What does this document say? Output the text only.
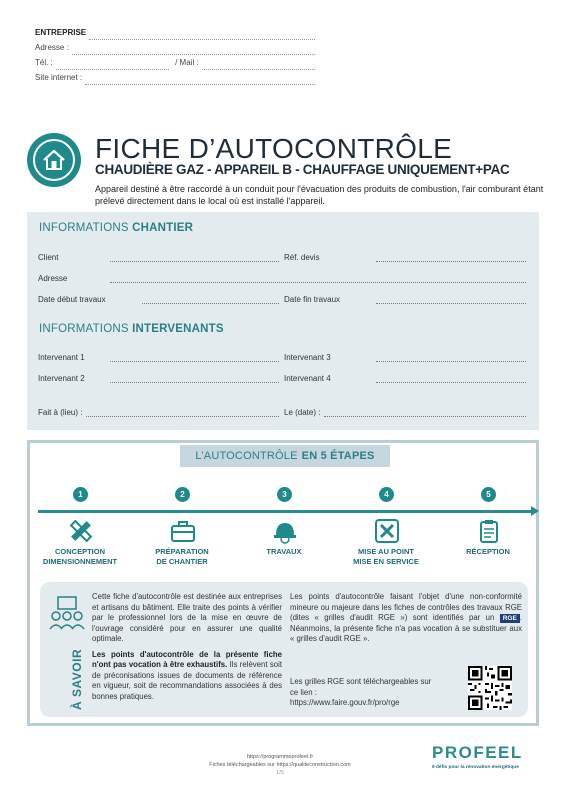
ENTREPRISE
Adresse :
Tél. :	/ Mail :
Site internet :
FICHE D’AUTOCONTRÔLE
CHAUDIÈRE GAZ - APPAREIL B - CHAUFFAGE UNIQUEMENT+PAC
Appareil destiné à être raccordé à un conduit pour l'évacuation des produits de combustion, l'air comburant étant prélevé directement dans le local où est installé l'appareil.
INFORMATIONS CHANTIER
Client	Réf. devis
Adresse
Date début travaux	Date fin travaux
INFORMATIONS INTERVENANTS
Intervenant 1	Intervenant 3
Intervenant 2	Intervenant 4
Fait à (lieu) :	Le (date) :
L’AUTOCONTRÔLE EN 5 ÉTAPES
1
CONCEPTION
DIMENSIONNEMENT
2
PRÉPARATION
DE CHANTIER
3
TRAVAUX
4
MISE AU POINT
MISE EN SERVICE
5
RÉCEPTION
À SAVOIR

Cette fiche d'autocontrôle est destinée aux entreprises et artisans du bâtiment. Elle traite des points à vérifier par le professionnel lors de la mise en œuvre de l'ouvrage considéré pour en assurer une qualité optimale.

Les points d'autocontrôle de la présente fiche n'ont pas vocation à être exhaustifs. Ils relèvent soit de préconisations issues de documents de référence en vigueur, soit de recommandations associées à des bonnes pratiques.

Les points d'autocontrôle faisant l'objet d'une non-conformité mineure ou majeure dans les fiches de contrôles des travaux RGE (dites « grilles d'audit RGE ») sont identifiés par un RGE . Néanmoins, la présente fiche n'a pas vocation à se substituer aux « grilles d'audit RGE ».
Les grilles RGE sont téléchargeables sur ce lien :
https://www.faire.gouv.fr/pro/rge
https://programmeprofeel.fr
Fiches téléchargeables sur https://qualiteconstruction.com
1/5
PROFEEL
9 défis pour la rénovation énergétique
